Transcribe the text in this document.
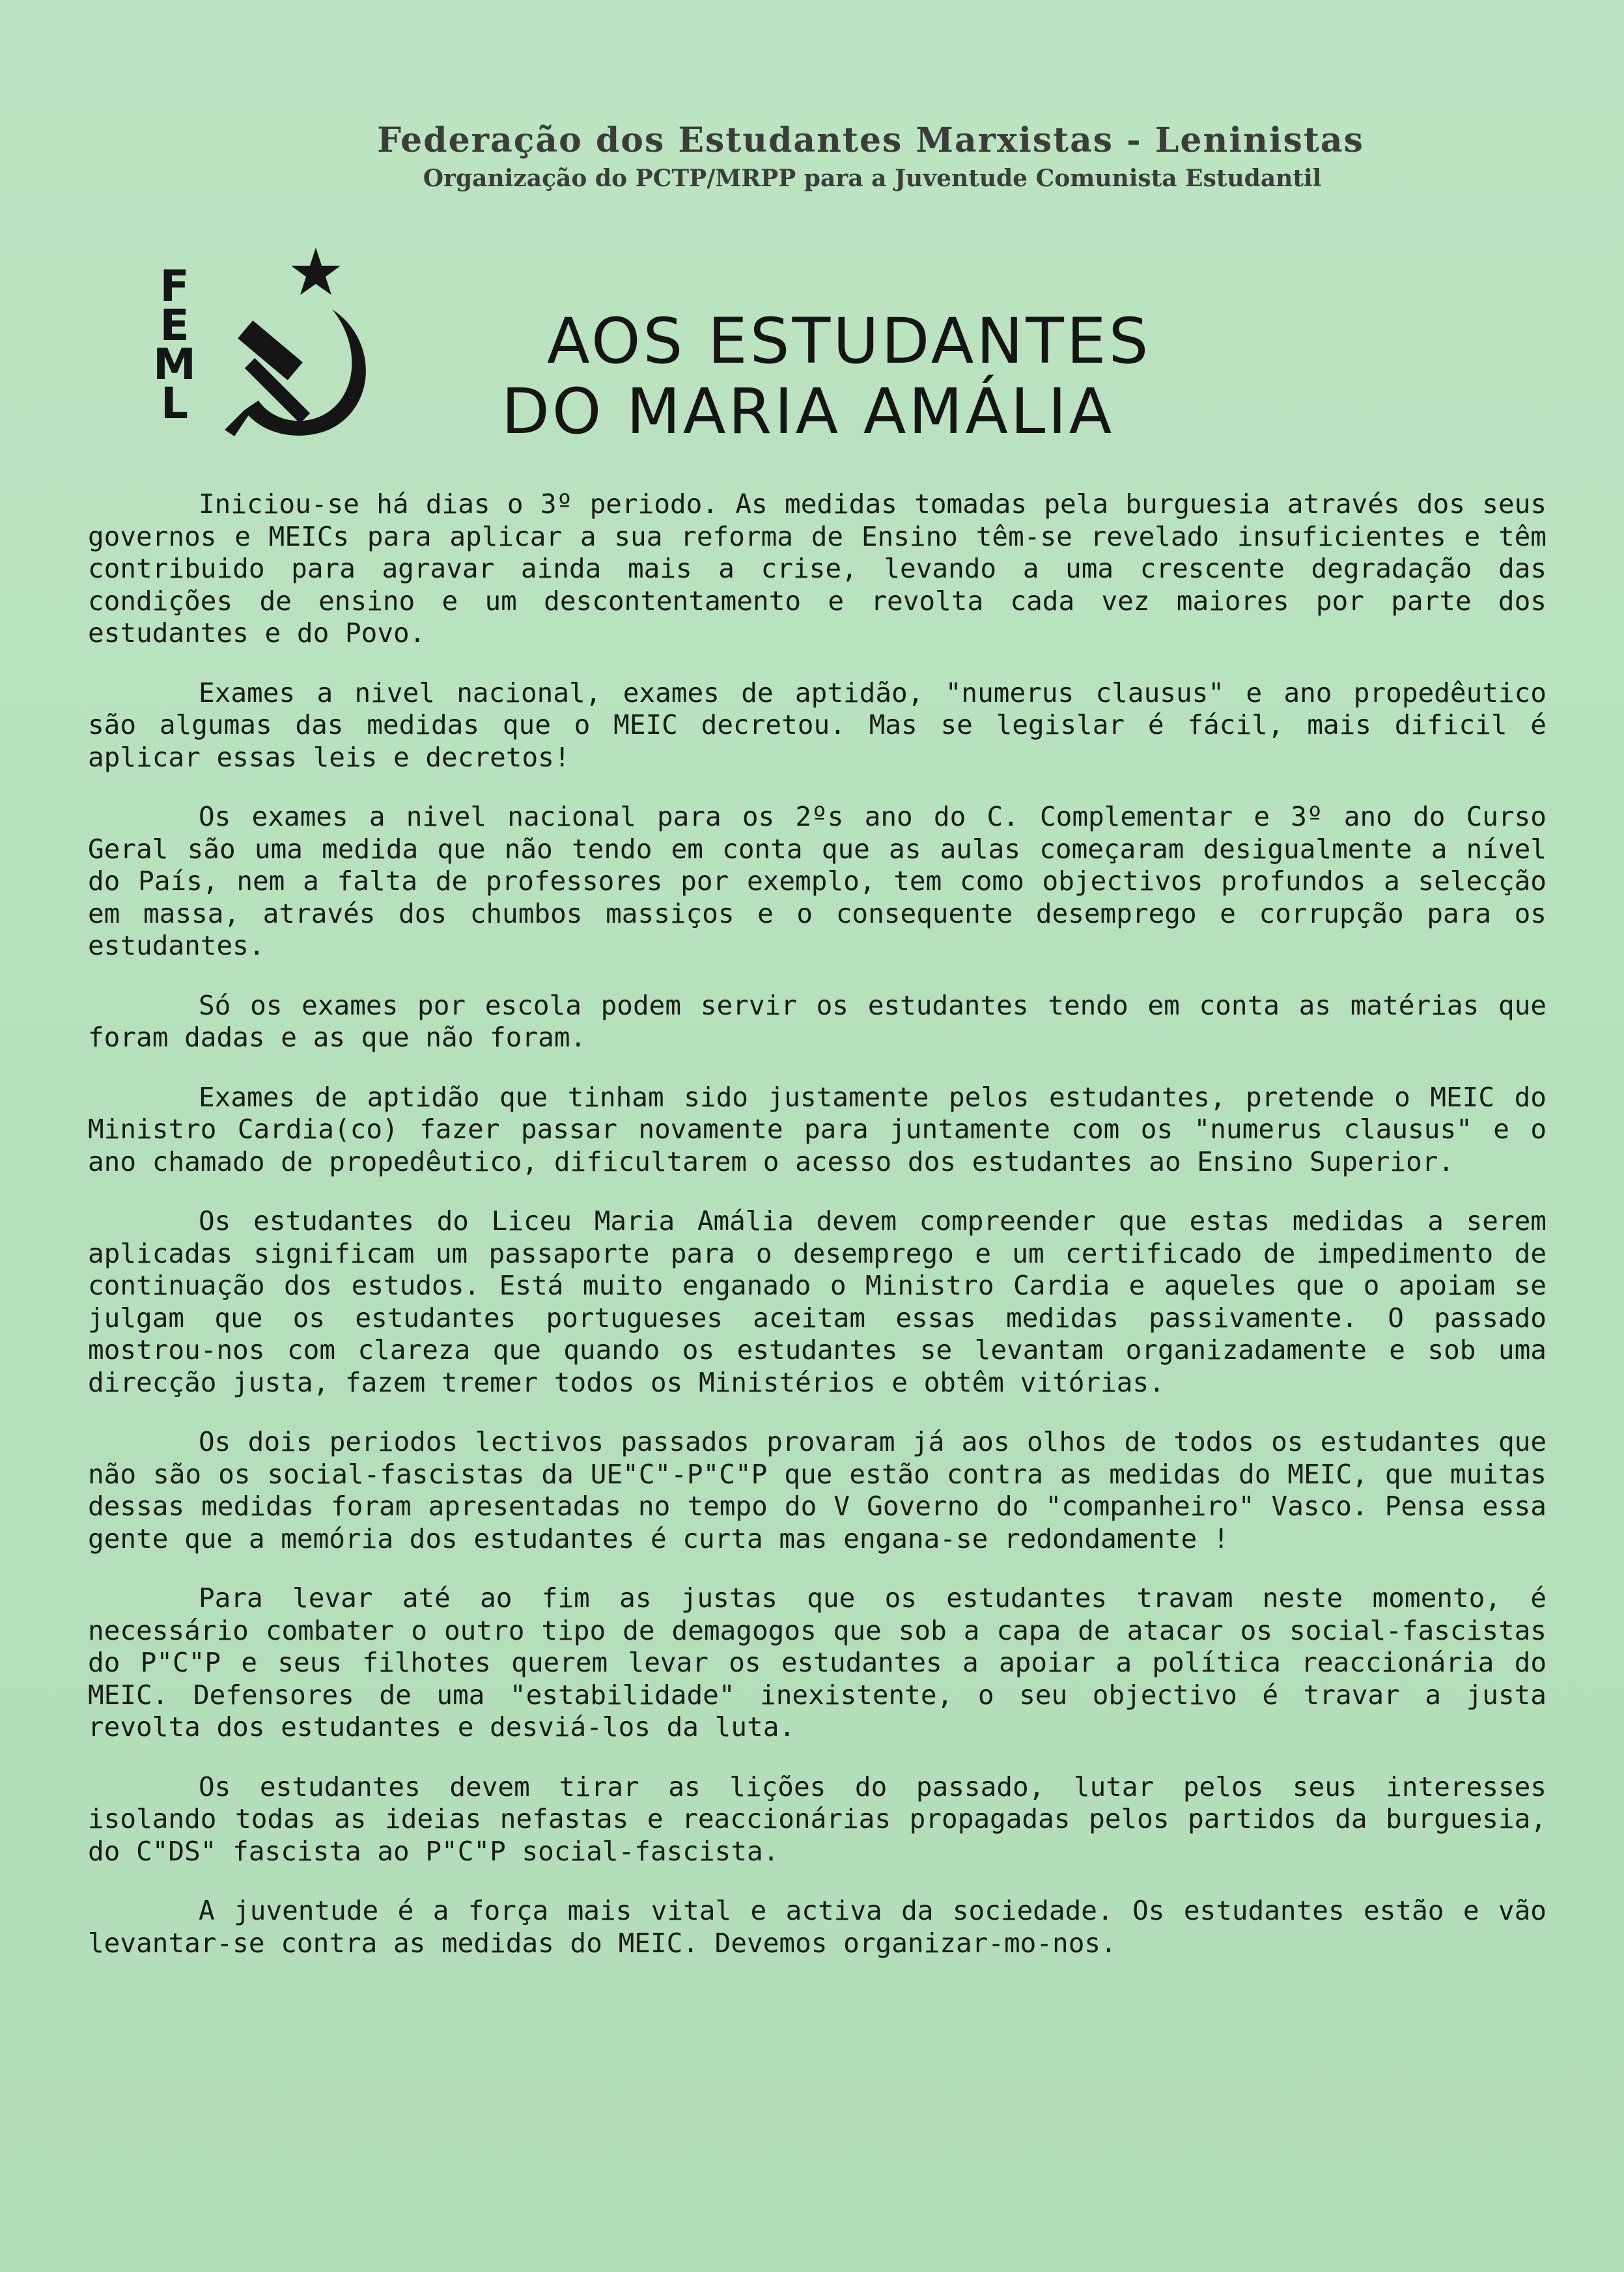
Federação dos Estudantes Marxistas - Leninistas
Organização do PCTP/MRPP para a Juventude Comunista Estudantil
F
E
M
L
AOS ESTUDANTES
DO MARIA AMÁLIA

Iniciou-se há dias o 3º periodo. As medidas tomadas pela burguesia através dos seus governos e MEICs para aplicar a sua reforma de Ensino têm-se revelado insuficientes e têm contribuido para agravar ainda mais a crise, levando a uma crescente degradação das condições de ensino e um descontentamento e revolta cada vez maiores por parte dos estudantes e do Povo.

Exames a nivel nacional, exames de aptidão, "numerus clausus" e ano propedêutico são algumas das medidas que o MEIC decretou. Mas se legislar é fácil, mais dificil é aplicar essas leis e decretos!

Os exames a nivel nacional para os 2ºs ano do C. Complementar e 3º ano do Curso Geral são uma medida que não tendo em conta que as aulas começaram desigualmente a nível do País, nem a falta de professores por exemplo, tem como objectivos profundos a selecção em massa, através dos chumbos massiços e o consequente desemprego e corrupção para os estudantes.

Só os exames por escola podem servir os estudantes tendo em conta as matérias que foram dadas e as que não foram.

Exames de aptidão que tinham sido justamente pelos estudantes, pretende o MEIC do Ministro Cardia(co) fazer passar novamente para juntamente com os "numerus clausus" e o ano chamado de propedêutico, dificultarem o acesso dos estudantes ao Ensino Superior.

Os estudantes do Liceu Maria Amália devem compreender que estas medidas a serem aplicadas significam um passaporte para o desemprego e um certificado de impedimento de continuação dos estudos. Está muito enganado o Ministro Cardia e aqueles que o apoiam se julgam que os estudantes portugueses aceitam essas medidas passivamente. O passado mostrou-nos com clareza que quando os estudantes se levantam organizadamente e sob uma direcção justa, fazem tremer todos os Ministérios e obtêm vitórias.

Os dois periodos lectivos passados provaram já aos olhos de todos os estudantes que não são os social-fascistas da UE"C"-P"C"P que estão contra as medidas do MEIC, que muitas dessas medidas foram apresentadas no tempo do V Governo do "companheiro" Vasco. Pensa essa gente que a memória dos estudantes é curta mas engana-se redondamente !

Para levar até ao fim as justas que os estudantes travam neste momento, é necessário combater o outro tipo de demagogos que sob a capa de atacar os social-fascistas do P"C"P e seus filhotes querem levar os estudantes a apoiar a política reaccionária do MEIC. Defensores de uma "estabilidade" inexistente, o seu objectivo é travar a justa revolta dos estudantes e desviá-los da luta.

Os estudantes devem tirar as lições do passado, lutar pelos seus interesses isolando todas as ideias nefastas e reaccionárias propagadas pelos partidos da burguesia, do C"DS" fascista ao P"C"P social-fascista.

A juventude é a força mais vital e activa da sociedade. Os estudantes estão e vão levantar-se contra as medidas do MEIC. Devemos organizar-mo-nos.
